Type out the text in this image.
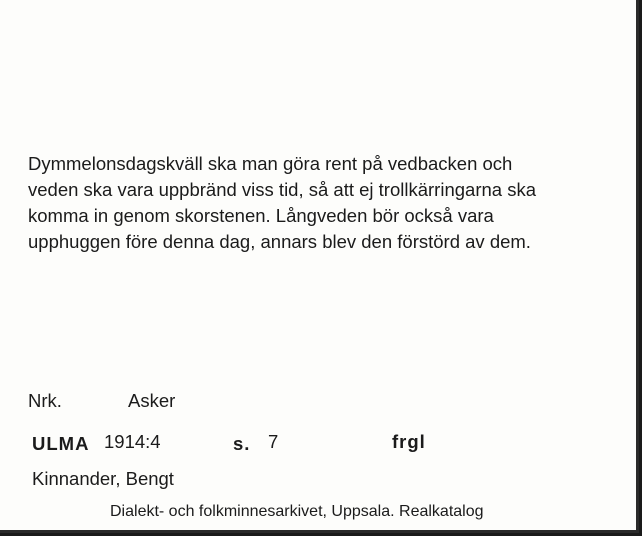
Dymmelonsdagskväll ska man göra rent på vedbacken och
veden ska vara uppbränd viss tid, så att ej trollkärringarna ska
komma in genom skorstenen. Långveden bör också vara
upphuggen före denna dag, annars blev den förstörd av dem.

Nrk.	Asker
ULMA 1914:4	s. 7	frgl
Kinnander, Bengt
Dialekt- och folkminnesarkivet, Uppsala. Realkatalog
